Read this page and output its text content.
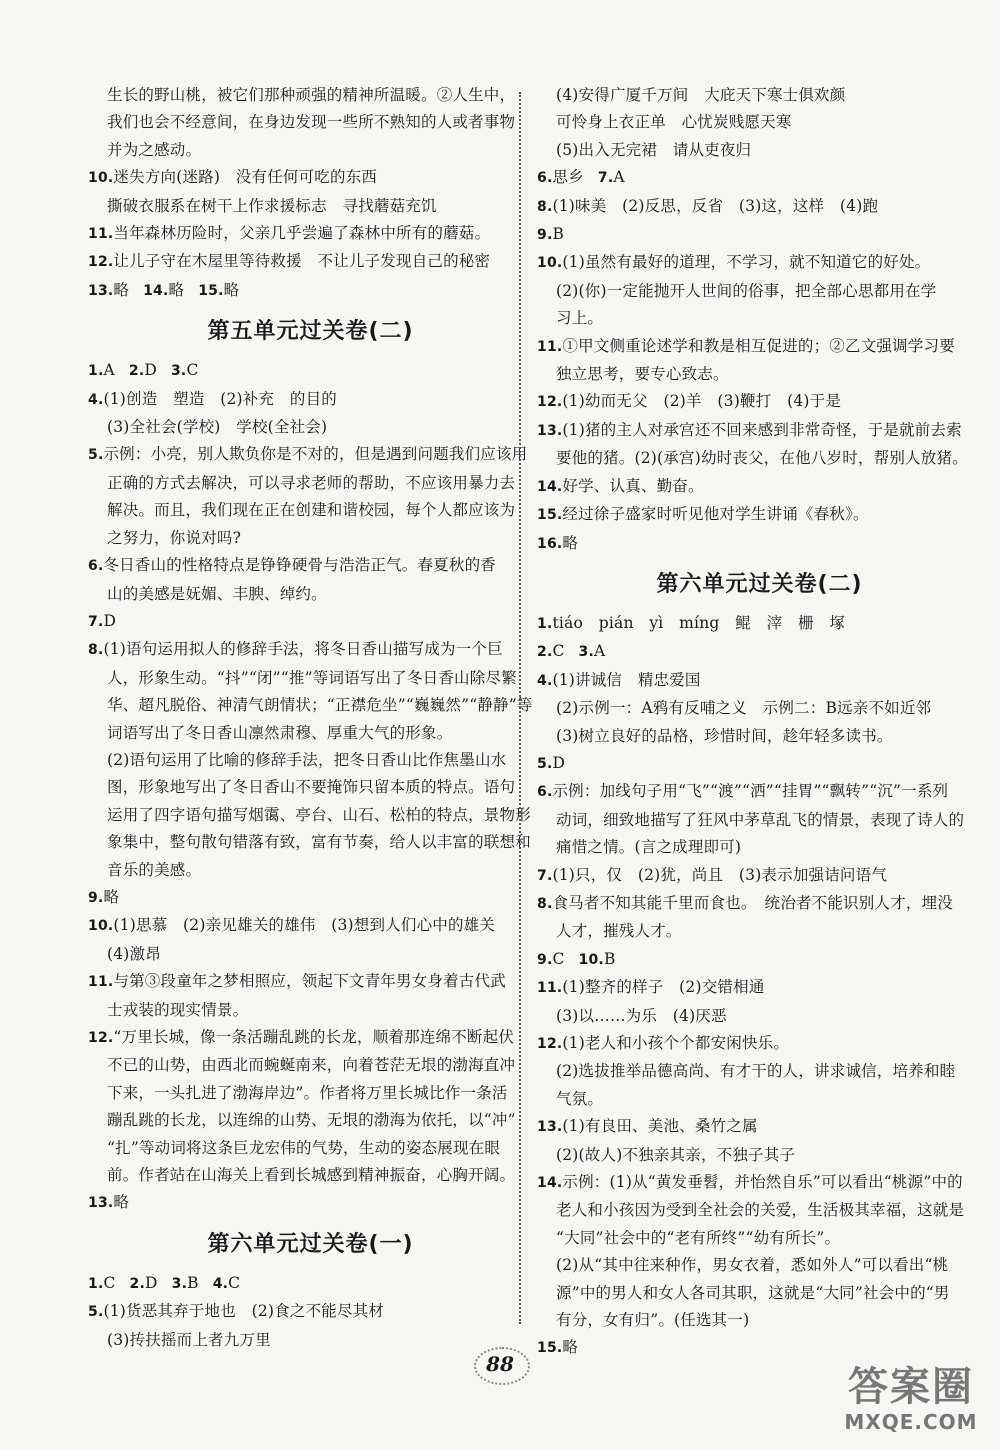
生长的野山桃，被它们那种顽强的精神所温暖。②人生中，
我们也会不经意间，在身边发现一些所不熟知的人或者事物
并为之感动。
10.迷失方向(迷路)　没有任何可吃的东西
撕破衣服系在树干上作求援标志　寻找蘑菇充饥
11.当年森林历险时，父亲几乎尝遍了森林中所有的蘑菇。
12.让儿子守在木屋里等待救援　不让儿子发现自己的秘密
13.略 14.略 15.略
第五单元过关卷(二)
1.A 2.D 3.C
4.(1)创造　塑造　(2)补充　的目的
(3)全社会(学校)　学校(全社会)
5.示例：小亮，别人欺负你是不对的，但是遇到问题我们应该用
正确的方式去解决，可以寻求老师的帮助，不应该用暴力去
解决。而且，我们现在正在创建和谐校园，每个人都应该为
之努力，你说对吗?
6.冬日香山的性格特点是铮铮硬骨与浩浩正气。春夏秋的香
山的美感是妩媚、丰腴、绰约。
7.D
8.(1)语句运用拟人的修辞手法，将冬日香山描写成为一个巨
人，形象生动。“抖”“闭”“推”等词语写出了冬日香山除尽繁
华、超凡脱俗、神清气朗情状；“正襟危坐”“巍巍然”“静静”等
词语写出了冬日香山凛然肃穆、厚重大气的形象。
(2)语句运用了比喻的修辞手法，把冬日香山比作焦墨山水
图，形象地写出了冬日香山不要掩饰只留本质的特点。语句
运用了四字语句描写烟霭、亭台、山石、松柏的特点，景物形
象集中，整句散句错落有致，富有节奏，给人以丰富的联想和
音乐的美感。
9.略
10.(1)思慕　(2)亲见雄关的雄伟　(3)想到人们心中的雄关
(4)激昂
11.与第③段童年之梦相照应，领起下文青年男女身着古代武
士戎装的现实情景。
12.“万里长城，像一条活蹦乱跳的长龙，顺着那连绵不断起伏
不已的山势，由西北而蜿蜒南来，向着苍茫无垠的渤海直冲
下来，一头扎进了渤海岸边”。作者将万里长城比作一条活
蹦乱跳的长龙，以连绵的山势、无垠的渤海为依托，以“冲”
“扎”等动词将这条巨龙宏伟的气势，生动的姿态展现在眼
前。作者站在山海关上看到长城感到精神振奋，心胸开阔。
13.略
第六单元过关卷(一)
1.C 2.D 3.B 4.C
5.(1)货恶其弃于地也　(2)食之不能尽其材
(3)抟扶摇而上者九万里
(4)安得广厦千万间　大庇天下寒士俱欢颜
可怜身上衣正单　心忧炭贱愿天寒
(5)出入无完裙　请从吏夜归
6.思乡 7.A
8.(1)味美　(2)反思，反省　(3)这，这样　(4)跑
9.B
10.(1)虽然有最好的道理，不学习，就不知道它的好处。
(2)(你)一定能抛开人世间的俗事，把全部心思都用在学
习上。
11.①甲文侧重论述学和教是相互促进的；②乙文强调学习要
独立思考，要专心致志。
12.(1)幼而无父　(2)羊　(3)鞭打　(4)于是
13.(1)猪的主人对承宫还不回来感到非常奇怪，于是就前去索
要他的猪。(2)(承宫)幼时丧父，在他八岁时，帮别人放猪。
14.好学、认真、勤奋。
15.经过徐子盛家时听见他对学生讲诵《春秋》。
16.略
第六单元过关卷(二)
1.tiáo　pián　yì　míng　鲲　滓　栅　塚
2.C 3.A
4.(1)讲诚信　精忠爱国
(2)示例一：A鸦有反哺之义　示例二：B远亲不如近邻
(3)树立良好的品格，珍惜时间，趁年轻多读书。
5.D
6.示例：加线句子用“飞”“渡”“洒”“挂胃”“飘转”“沉”一系列
动词，细致地描写了狂风中茅草乱飞的情景，表现了诗人的
痛惜之情。(言之成理即可)
7.(1)只，仅　(2)犹，尚且　(3)表示加强诘问语气
8.食马者不知其能千里而食也。　统治者不能识别人才，埋没
人才，摧残人才。
9.C 10.B
11.(1)整齐的样子　(2)交错相通
(3)以……为乐　(4)厌恶
12.(1)老人和小孩个个都安闲快乐。
(2)选拔推举品德高尚、有才干的人，讲求诚信，培养和睦
气氛。
13.(1)有良田、美池、桑竹之属
(2)(故人)不独亲其亲，不独子其子
14.示例：(1)从“黄发垂髫，并怡然自乐”可以看出“桃源”中的
老人和小孩因为受到全社会的关爱，生活极其幸福，这就是
“大同”社会中的“老有所终”“幼有所长”。
(2)从“其中往来种作，男女衣着，悉如外人”可以看出“桃
源”中的男人和女人各司其职，这就是“大同”社会中的“男
有分，女有归”。(任选其一)
15.略
88	答案圈
MXQE.COM
